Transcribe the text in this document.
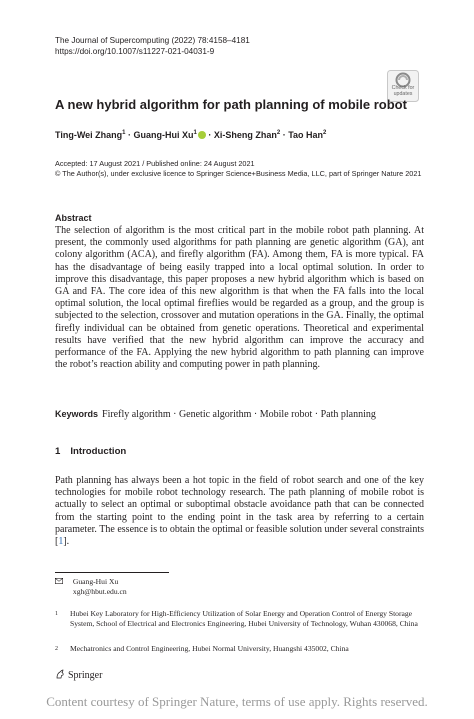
The Journal of Supercomputing (2022) 78:4158–4181
https://doi.org/10.1007/s11227-021-04031-9
Check for
updates
A new hybrid algorithm for path planning of mobile robot
Ting-Wei Zhang$^1$ · Guang-Hui $Xu^1$ · Xi-Sheng Zhan$^2$ · Tao Han$^2$
Accepted: 17 August 2021 / Published online: 24 August 2021
© The Author(s), under exclusive licence to Springer Science+Business Media, LLC, part of Springer Nature 2021
Abstract
The selection of algorithm is the most critical part in the mobile robot path planning. At present, the commonly used algorithms for path planning are genetic algorithm (GA), ant colony algorithm (ACA), and firefly algorithm (FA). Among them, FA is more typical. FA has the disadvantage of being easily trapped into a local optimal solution. In order to improve this disadvantage, this paper proposes a new hybrid algorithm which is based on GA and FA. The core idea of this new algorithm is that when the FA falls into the local optimal solution, the local optimal fireflies would be regarded as a group, and the group is subjected to the selection, crossover and mutation operations in the GA. Finally, the optimal firefly individual can be obtained from genetic operations. Theoretical and experimental results have verified that the new hybrid algorithm can improve the accuracy and performance of the FA. Applying the new hybrid algorithm to path planning can improve the robot’s reaction ability and computing power in path planning.
Keywords Firefly algorithm · Genetic algorithm · Mobile robot · Path planning
1 Introduction
Path planning has always been a hot topic in the field of robot search and one of the key technologies for mobile robot technology research. The path planning of mobile robot is actually to select an optimal or suboptimal obstacle avoidance path that can be connected from the starting point to the ending point in the task area by referring to a certain parameter. The essence is to obtain the optimal or feasible solution under several constraints [1].

Guang-Hui Xu
xgh@hbut.edu.cn
1 Hubei Key Laboratory for High-Efficiency Utilization of Solar Energy and Operation Control of Energy Storage System, School of Electrical and Electronics Engineering, Hubei University of Technology, Wuhan 430068, China
2 Mechatronics and Control Engineering, Hubei Normal University, Huangshi 435002, China
Springer
Content courtesy of Springer Nature, terms of use apply. Rights reserved.
